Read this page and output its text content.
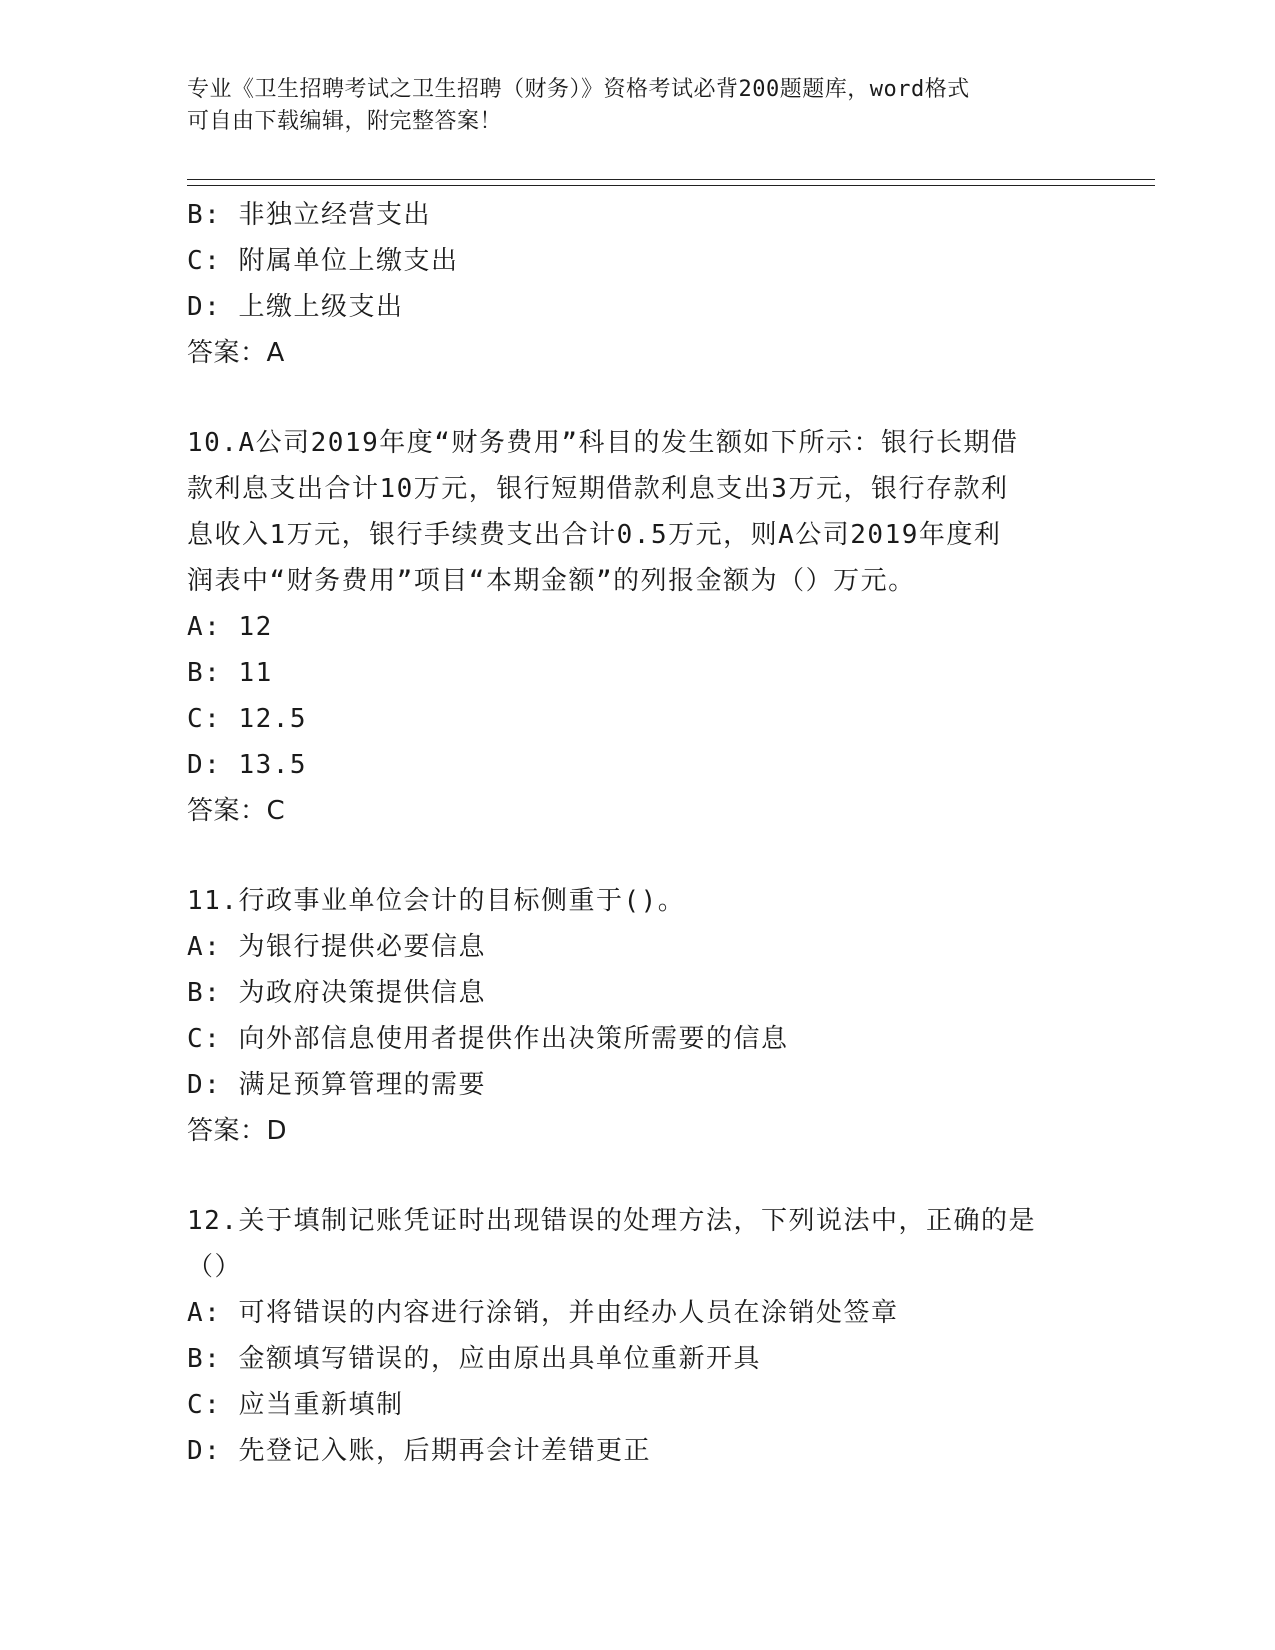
专业《卫生招聘考试之卫生招聘（财务）》资格考试必背200题题库，word格式
可自由下载编辑，附完整答案！
B: 非独立经营支出
C: 附属单位上缴支出
D: 上缴上级支出
答案：A
10.A公司2019年度“财务费用”科目的发生额如下所示：银行长期借
款利息支出合计10万元，银行短期借款利息支出3万元，银行存款利
息收入1万元，银行手续费支出合计0.5万元，则A公司2019年度利
润表中“财务费用”项目“本期金额”的列报金额为（）万元。
A: 12
B: 11
C: 12.5
D: 13.5
答案：C
11.行政事业单位会计的目标侧重于()。
A: 为银行提供必要信息
B: 为政府决策提供信息
C: 向外部信息使用者提供作出决策所需要的信息
D: 满足预算管理的需要
答案：D
12.关于填制记账凭证时出现错误的处理方法，下列说法中，正确的是
（）
A: 可将错误的内容进行涂销，并由经办人员在涂销处签章
B: 金额填写错误的，应由原出具单位重新开具
C: 应当重新填制
D: 先登记入账，后期再会计差错更正
